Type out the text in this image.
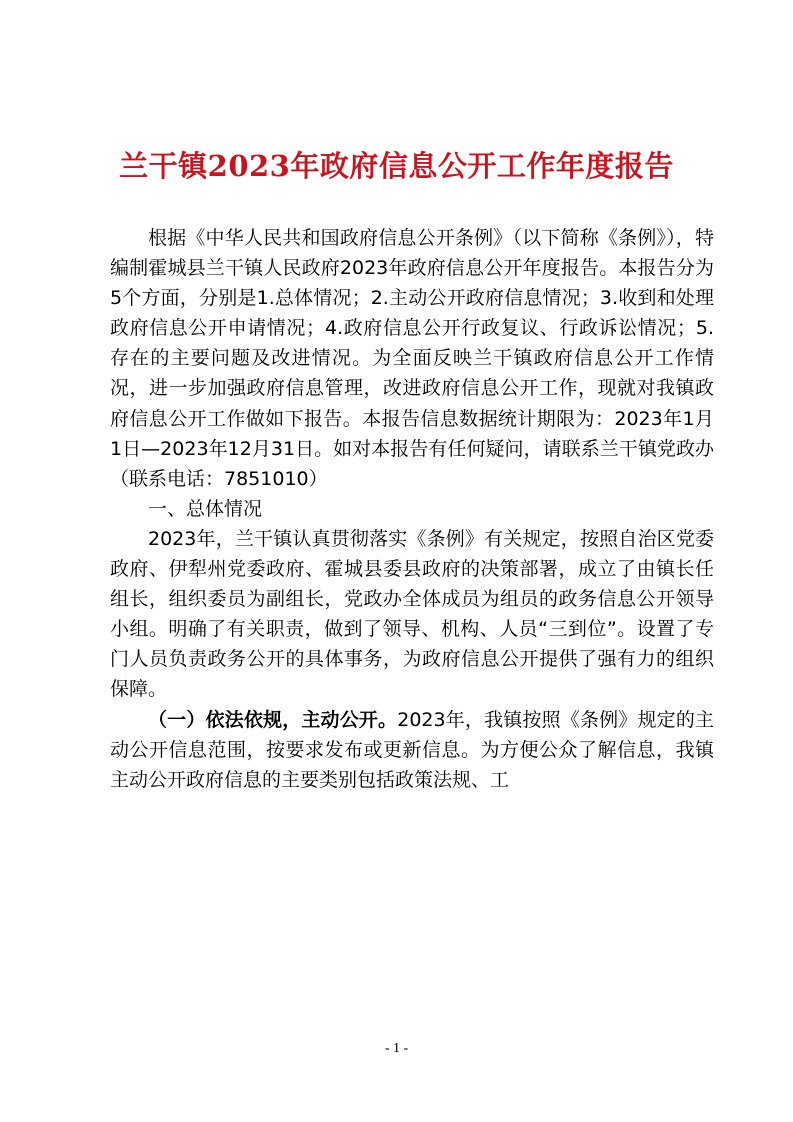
兰干镇2023年政府信息公开工作年度报告

根据《中华人民共和国政府信息公开条例》（以下简称《条例》），特编制霍城县兰干镇人民政府2023年政府信息公开年度报告。本报告分为5个方面，分别是1.总体情况；2.主动公开政府信息情况；3.收到和处理政府信息公开申请情况；4.政府信息公开行政复议、行政诉讼情况；5.存在的主要问题及改进情况。为全面反映兰干镇政府信息公开工作情况，进一步加强政府信息管理，改进政府信息公开工作，现就对我镇政府信息公开工作做如下报告。本报告信息数据统计期限为：2023年1月1日—2023年12月31日。如对本报告有任何疑问，请联系兰干镇党政办（联系电话：7851010）

一、总体情况

2023年，兰干镇认真贯彻落实《条例》有关规定，按照自治区党委政府、伊犁州党委政府、霍城县委县政府的决策部署，成立了由镇长任组长，组织委员为副组长，党政办全体成员为组员的政务信息公开领导小组。明确了有关职责，做到了领导、机构、人员“三到位”。设置了专门人员负责政务公开的具体事务，为政府信息公开提供了强有力的组织保障。

（一）依法依规，主动公开。2023年，我镇按照《条例》规定的主动公开信息范围，按要求发布或更新信息。为方便公众了解信息，我镇主动公开政府信息的主要类别包括政策法规、工

- 1 -
